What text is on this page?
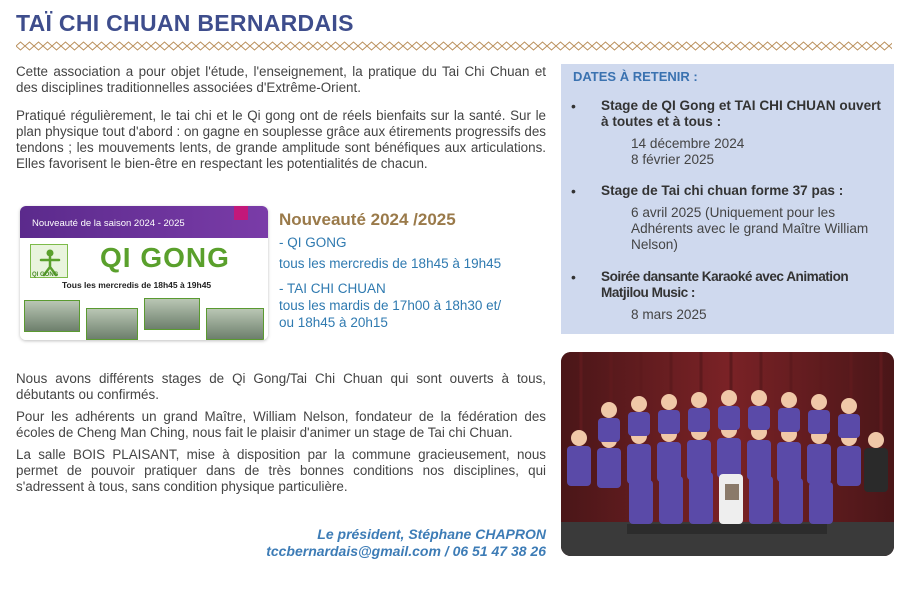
TAÏ CHI CHUAN BERNARDAIS

Cette association a pour objet l'étude, l'enseignement, la pratique du Tai Chi Chuan et des disciplines traditionnelles associées d'Extrême-Orient.

Pratiqué régulièrement, le tai chi et le Qi gong ont de réels bienfaits sur la santé. Sur le plan physique tout d'abord : on gagne en souplesse grâce aux étirements progressifs des tendons ; les mouvements lents, de grande amplitude sont bénéfiques aux articulations. Elles favorisent le bien-être en respectant les potentialités de chacun.

Nouveauté de la saison 2024 - 2025
QI GONG
QI GONG
Tous les mercredis de 18h45 à 19h45
Nouveauté 2024 /2025
- QI GONG
tous les mercredis de 18h45 à 19h45
- TAI CHI CHUAN
tous les mardis de 17h00 à 18h30 et/
ou 18h45 à 20h15

Nous avons différents stages de Qi Gong/Tai Chi Chuan qui sont ouverts à tous, débutants ou confirmés.

Pour les adhérents un grand Maître, William Nelson, fondateur de la fédération des écoles de Cheng Man Ching, nous fait le plaisir d'animer un stage de Tai chi Chuan.

La salle BOIS PLAISANT, mise à disposition par la commune gracieusement, nous permet de pouvoir pratiquer dans de très bonnes conditions nos disciplines, qui s'adressent à tous, sans condition physique particulière.

Le président, Stéphane CHAPRON
tccbernardais@gmail.com / 06 51 47 38 26
DATES À RETENIR :
• Stage de QI Gong et TAI CHI CHUAN ouvert à toutes et à tous :
14 décembre 2024
8 février 2025
• Stage de Tai chi chuan forme 37 pas :
6 avril 2025 (Uniquement pour les Adhérents avec le grand Maître William Nelson)
• Soirée dansante Karaoké avec Animation Matjilou Music :
8 mars 2025
